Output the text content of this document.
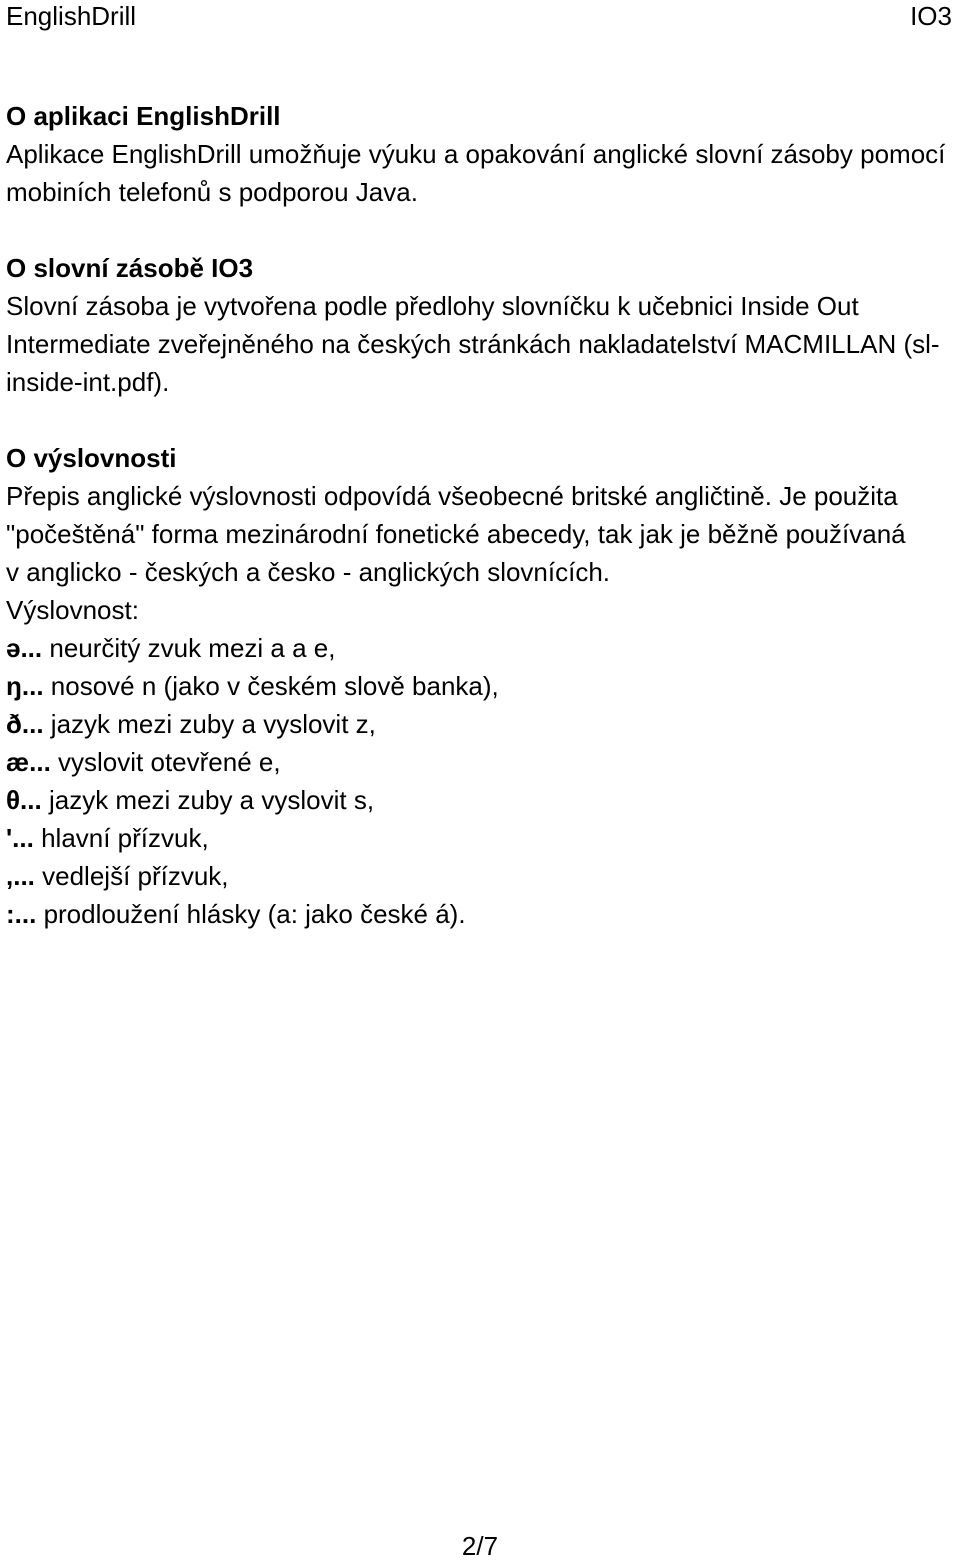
EnglishDrill	IO3

O aplikaci EnglishDrill

Aplikace EnglishDrill umožňuje výuku a opakování anglické slovní zásoby pomocí mobiních telefonů s podporou Java.

O slovní zásobě IO3

Slovní zásoba je vytvořena podle předlohy slovníčku k učebnici Inside Out Intermediate zveřejněného na českých stránkách nakladatelství MACMILLAN (sl-inside-int.pdf).

O výslovnosti

Přepis anglické výslovnosti odpovídá všeobecné britské angličtině. Je použita "počeštěná" forma mezinárodní fonetické abecedy, tak jak je běžně používaná v anglicko - českých a česko - anglických slovnících.

Výslovnost:

ə... neurčitý zvuk mezi a a e,

ŋ... nosové n (jako v českém slově banka),

ð... jazyk mezi zuby a vyslovit z,

æ... vyslovit otevřené e,

θ... jazyk mezi zuby a vyslovit s,

'... hlavní přízvuk,

,... vedlejší přízvuk,

:... prodloužení hlásky (a: jako české á).

2/7
